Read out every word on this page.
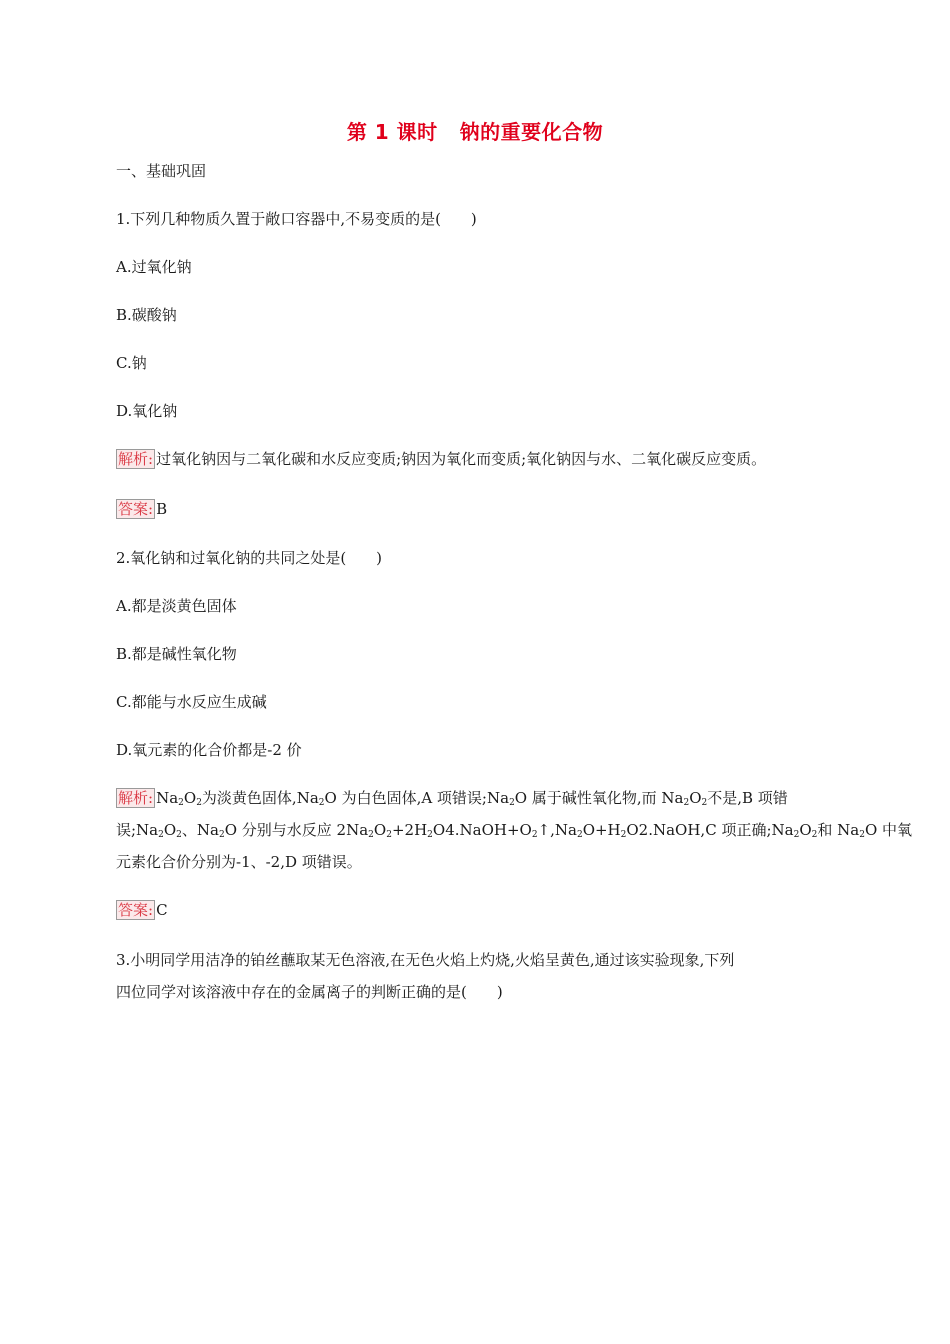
第 1 课时 钠的重要化合物
一、基础巩固
1.下列几种物质久置于敞口容器中,不易变质的是(　　)
A.过氧化钠
B.碳酸钠
C.钠
D.氧化钠
解析: 过氧化钠因与二氧化碳和水反应变质;钠因为氧化而变质;氧化钠因与水、二氧化碳反应变质。
答案: B
2.氧化钠和过氧化钠的共同之处是(　　)
A.都是淡黄色固体
B.都是碱性氧化物
C.都能与水反应生成碱
D.氧元素的化合价都是-2 价
解析: $Na_2O_2$为淡黄色固体$,Na_2O$ 为白色固体,A 项错误$;Na_2O$ 属于碱性氧化物,而 $Na_2O_2$不是,B 项错
误$;Na_2O_2$、$Na_2O$ 分别与水反应 $2Na_2O_2+2H_2O4.NaOH+O_2↑,Na_2O+H_2O2.NaOH,C$ 项正确$;Na_2O_2$和 $Na_2O$ 中氧
元素化合价分别为-1、-2,D 项错误。
答案: C
3.小明同学用洁净的铂丝蘸取某无色溶液,在无色火焰上灼烧,火焰呈黄色,通过该实验现象,下列
四位同学对该溶液中存在的金属离子的判断正确的是(　　)
